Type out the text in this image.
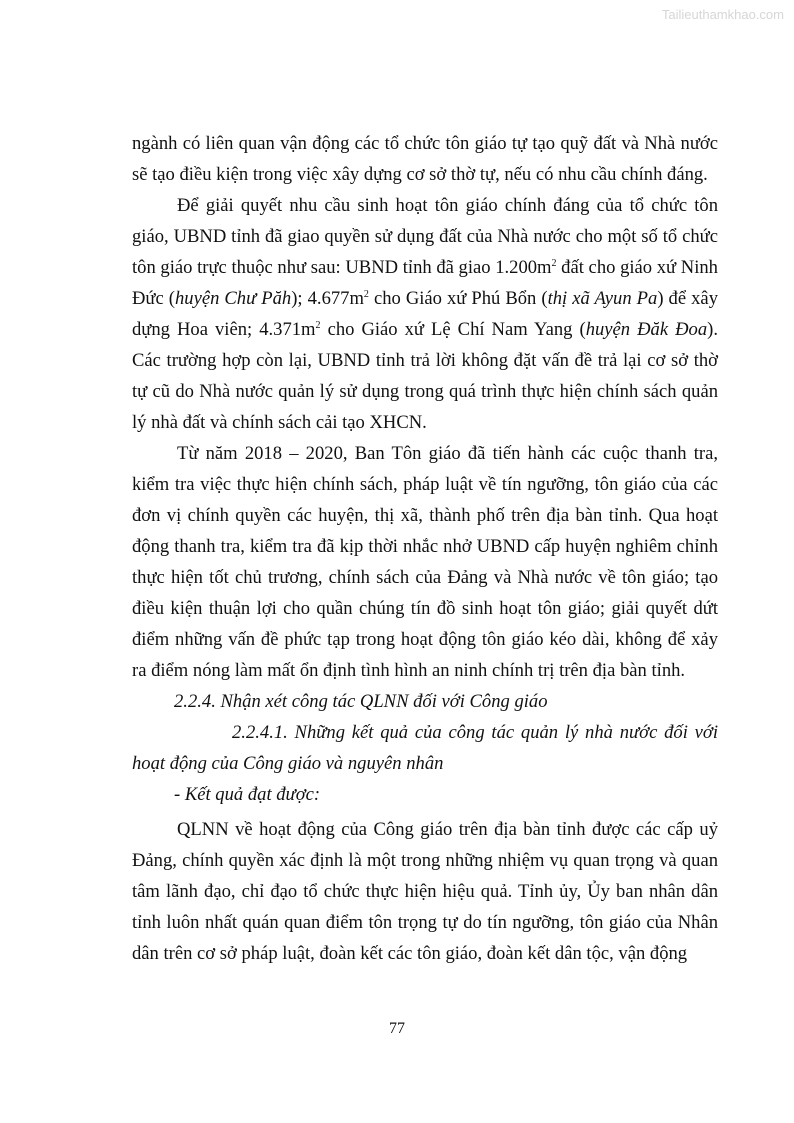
Tailieuthamkhao.com

ngành có liên quan vận động các tổ chức tôn giáo tự tạo quỹ đất và Nhà nước sẽ tạo điều kiện trong việc xây dựng cơ sở thờ tự, nếu có nhu cầu chính đáng.

Để giải quyết nhu cầu sinh hoạt tôn giáo chính đáng của tổ chức tôn giáo, UBND tỉnh đã giao quyền sử dụng đất của Nhà nước cho một số tổ chức tôn giáo trực thuộc như sau: UBND tỉnh đã giao $1.200m^2$ đất cho giáo xứ Ninh Đức (huyện Chư Păh); $4.677m^2$ cho Giáo xứ Phú Bổn (thị xã Ayun Pa) để xây dựng Hoa viên; $4.371m^2$ cho Giáo xứ Lệ Chí Nam Yang (huyện Đăk Đoa). Các trường hợp còn lại, UBND tỉnh trả lời không đặt vấn đề trả lại cơ sở thờ tự cũ do Nhà nước quản lý sử dụng trong quá trình thực hiện chính sách quản lý nhà đất và chính sách cải tạo XHCN.

Từ năm 2018 – 2020, Ban Tôn giáo đã tiến hành các cuộc thanh tra, kiểm tra việc thực hiện chính sách, pháp luật về tín ngưỡng, tôn giáo của các đơn vị chính quyền các huyện, thị xã, thành phố trên địa bàn tỉnh. Qua hoạt động thanh tra, kiểm tra đã kịp thời nhắc nhở UBND cấp huyện nghiêm chỉnh thực hiện tốt chủ trương, chính sách của Đảng và Nhà nước về tôn giáo; tạo điều kiện thuận lợi cho quần chúng tín đồ sinh hoạt tôn giáo; giải quyết dứt điểm những vấn đề phức tạp trong hoạt động tôn giáo kéo dài, không để xảy ra điểm nóng làm mất ổn định tình hình an ninh chính trị trên địa bàn tỉnh.

2.2.4. Nhận xét công tác QLNN đối với Công giáo

2.2.4.1. Những kết quả của công tác quản lý nhà nước đối với hoạt động của Công giáo và nguyên nhân

- Kết quả đạt được:

QLNN về hoạt động của Công giáo trên địa bàn tỉnh được các cấp uỷ Đảng, chính quyền xác định là một trong những nhiệm vụ quan trọng và quan tâm lãnh đạo, chỉ đạo tổ chức thực hiện hiệu quả. Tỉnh ủy, Ủy ban nhân dân tỉnh luôn nhất quán quan điểm tôn trọng tự do tín ngưỡng, tôn giáo của Nhân dân trên cơ sở pháp luật, đoàn kết các tôn giáo, đoàn kết dân tộc, vận động

77
